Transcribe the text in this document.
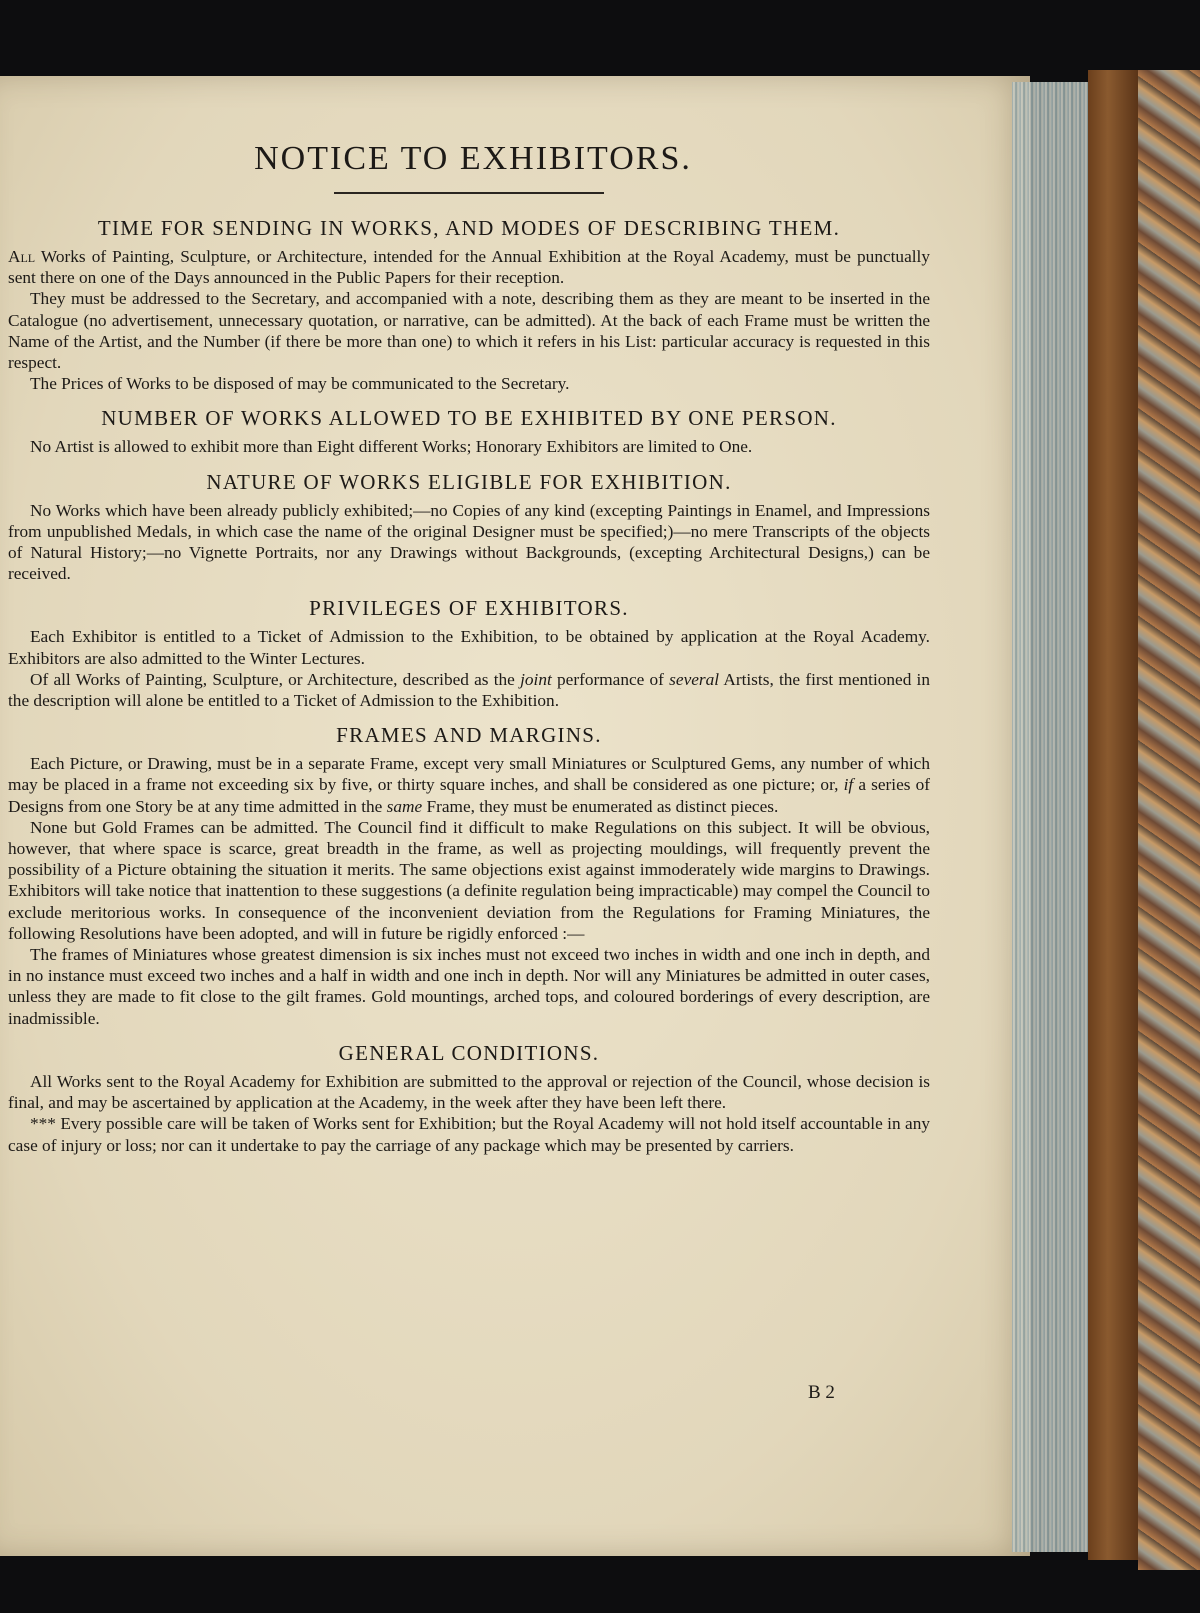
NOTICE TO EXHIBITORS.
TIME FOR SENDING IN WORKS, AND MODES OF DESCRIBING THEM.

All Works of Painting, Sculpture, or Architecture, intended for the Annual Exhibition at the Royal Academy, must be punctually sent there on one of the Days announced in the Public Papers for their reception.

They must be addressed to the Secretary, and accompanied with a note, describing them as they are meant to be inserted in the Catalogue (no advertisement, unnecessary quotation, or narrative, can be admitted). At the back of each Frame must be written the Name of the Artist, and the Number (if there be more than one) to which it refers in his List: particular accuracy is requested in this respect.

The Prices of Works to be disposed of may be communicated to the Secretary.

NUMBER OF WORKS ALLOWED TO BE EXHIBITED BY ONE PERSON.

No Artist is allowed to exhibit more than Eight different Works; Honorary Exhibitors are limited to One.

NATURE OF WORKS ELIGIBLE FOR EXHIBITION.

No Works which have been already publicly exhibited;—no Copies of any kind (excepting Paintings in Enamel, and Impressions from unpublished Medals, in which case the name of the original Designer must be specified;)—no mere Transcripts of the objects of Natural History;—no Vignette Portraits, nor any Drawings without Backgrounds, (excepting Architectural Designs,) can be received.

PRIVILEGES OF EXHIBITORS.

Each Exhibitor is entitled to a Ticket of Admission to the Exhibition, to be obtained by application at the Royal Academy. Exhibitors are also admitted to the Winter Lectures.

Of all Works of Painting, Sculpture, or Architecture, described as the joint performance of several Artists, the first mentioned in the description will alone be entitled to a Ticket of Admission to the Exhibition.

FRAMES AND MARGINS.

Each Picture, or Drawing, must be in a separate Frame, except very small Miniatures or Sculptured Gems, any number of which may be placed in a frame not exceeding six by five, or thirty square inches, and shall be considered as one picture; or, if a series of Designs from one Story be at any time admitted in the same Frame, they must be enumerated as distinct pieces.

None but Gold Frames can be admitted. The Council find it difficult to make Regulations on this subject. It will be obvious, however, that where space is scarce, great breadth in the frame, as well as projecting mouldings, will frequently prevent the possibility of a Picture obtaining the situation it merits. The same objections exist against immoderately wide margins to Drawings. Exhibitors will take notice that inattention to these suggestions (a definite regulation being impracticable) may compel the Council to exclude meritorious works. In consequence of the inconvenient deviation from the Regulations for Framing Miniatures, the following Resolutions have been adopted, and will in future be rigidly enforced :—

The frames of Miniatures whose greatest dimension is six inches must not exceed two inches in width and one inch in depth, and in no instance must exceed two inches and a half in width and one inch in depth. Nor will any Miniatures be admitted in outer cases, unless they are made to fit close to the gilt frames. Gold mountings, arched tops, and coloured borderings of every description, are inadmissible.

GENERAL CONDITIONS.

All Works sent to the Royal Academy for Exhibition are submitted to the approval or rejection of the Council, whose decision is final, and may be ascertained by application at the Academy, in the week after they have been left there.

*** Every possible care will be taken of Works sent for Exhibition; but the Royal Academy will not hold itself accountable in any case of injury or loss; nor can it undertake to pay the carriage of any package which may be presented by carriers.

B 2
